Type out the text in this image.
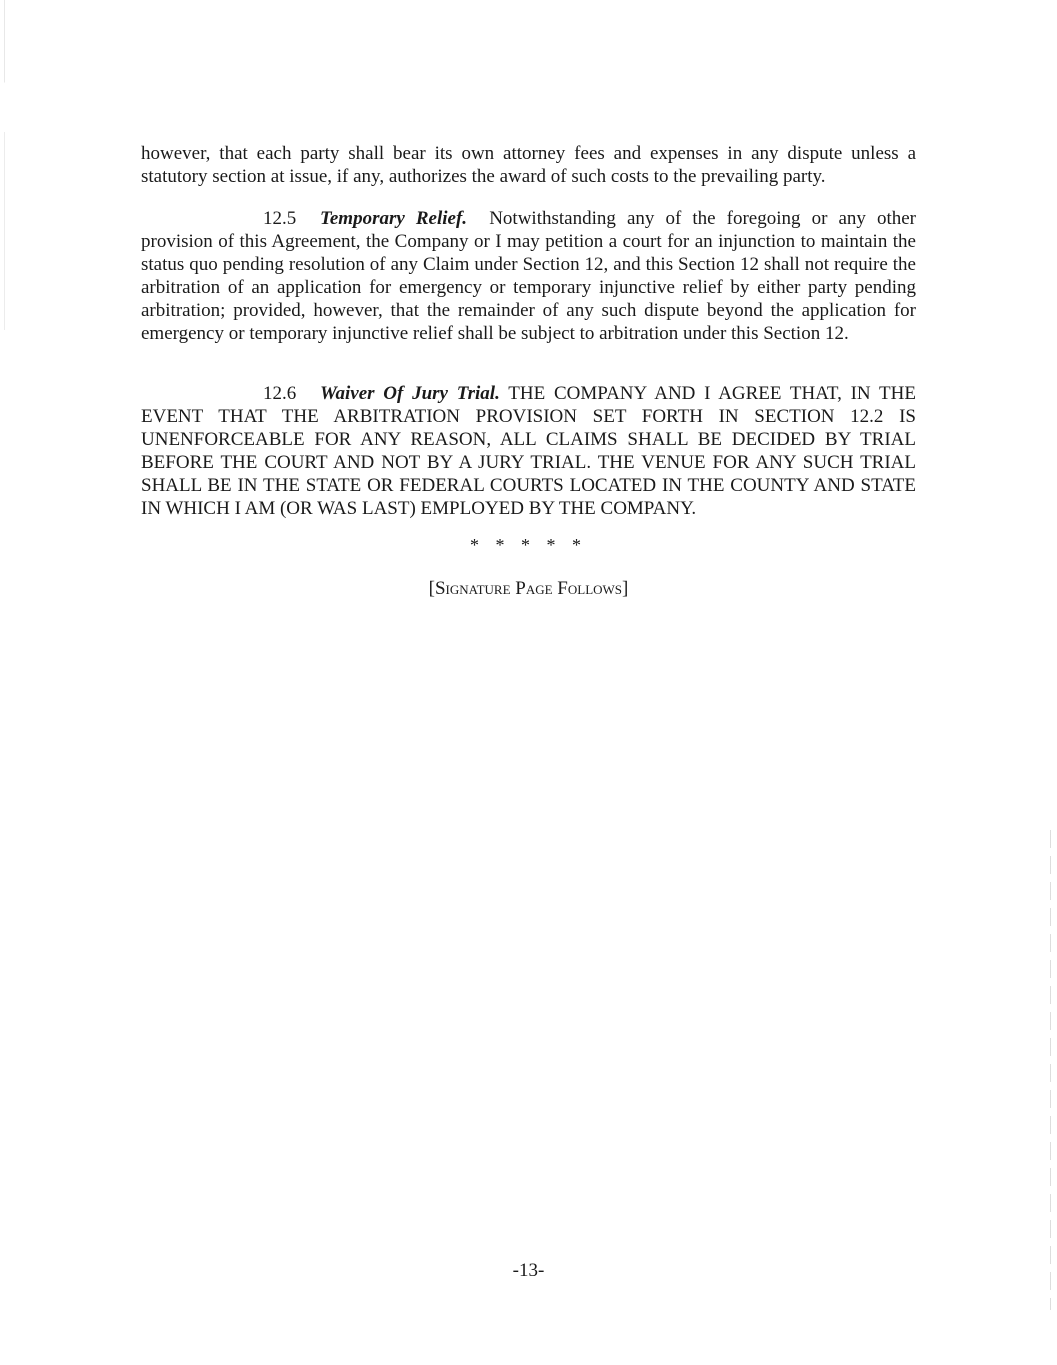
however, that each party shall bear its own attorney fees and expenses in any dispute unless a statutory section at issue, if any, authorizes the award of such costs to the prevailing party.

12.5 Temporary Relief. Notwithstanding any of the foregoing or any other provision of this Agreement, the Company or I may petition a court for an injunction to maintain the status quo pending resolution of any Claim under Section 12, and this Section 12 shall not require the arbitration of an application for emergency or temporary injunctive relief by either party pending arbitration; provided, however, that the remainder of any such dispute beyond the application for emergency or temporary injunctive relief shall be subject to arbitration under this Section 12.

12.6 Waiver Of Jury Trial. THE COMPANY AND I AGREE THAT, IN THE EVENT THAT THE ARBITRATION PROVISION SET FORTH IN SECTION 12.2 IS UNENFORCEABLE FOR ANY REASON, ALL CLAIMS SHALL BE DECIDED BY TRIAL BEFORE THE COURT AND NOT BY A JURY TRIAL. THE VENUE FOR ANY SUCH TRIAL SHALL BE IN THE STATE OR FEDERAL COURTS LOCATED IN THE COUNTY AND STATE IN WHICH I AM (OR WAS LAST) EMPLOYED BY THE COMPANY.

* * * * *
[Signature Page Follows]
-13-
